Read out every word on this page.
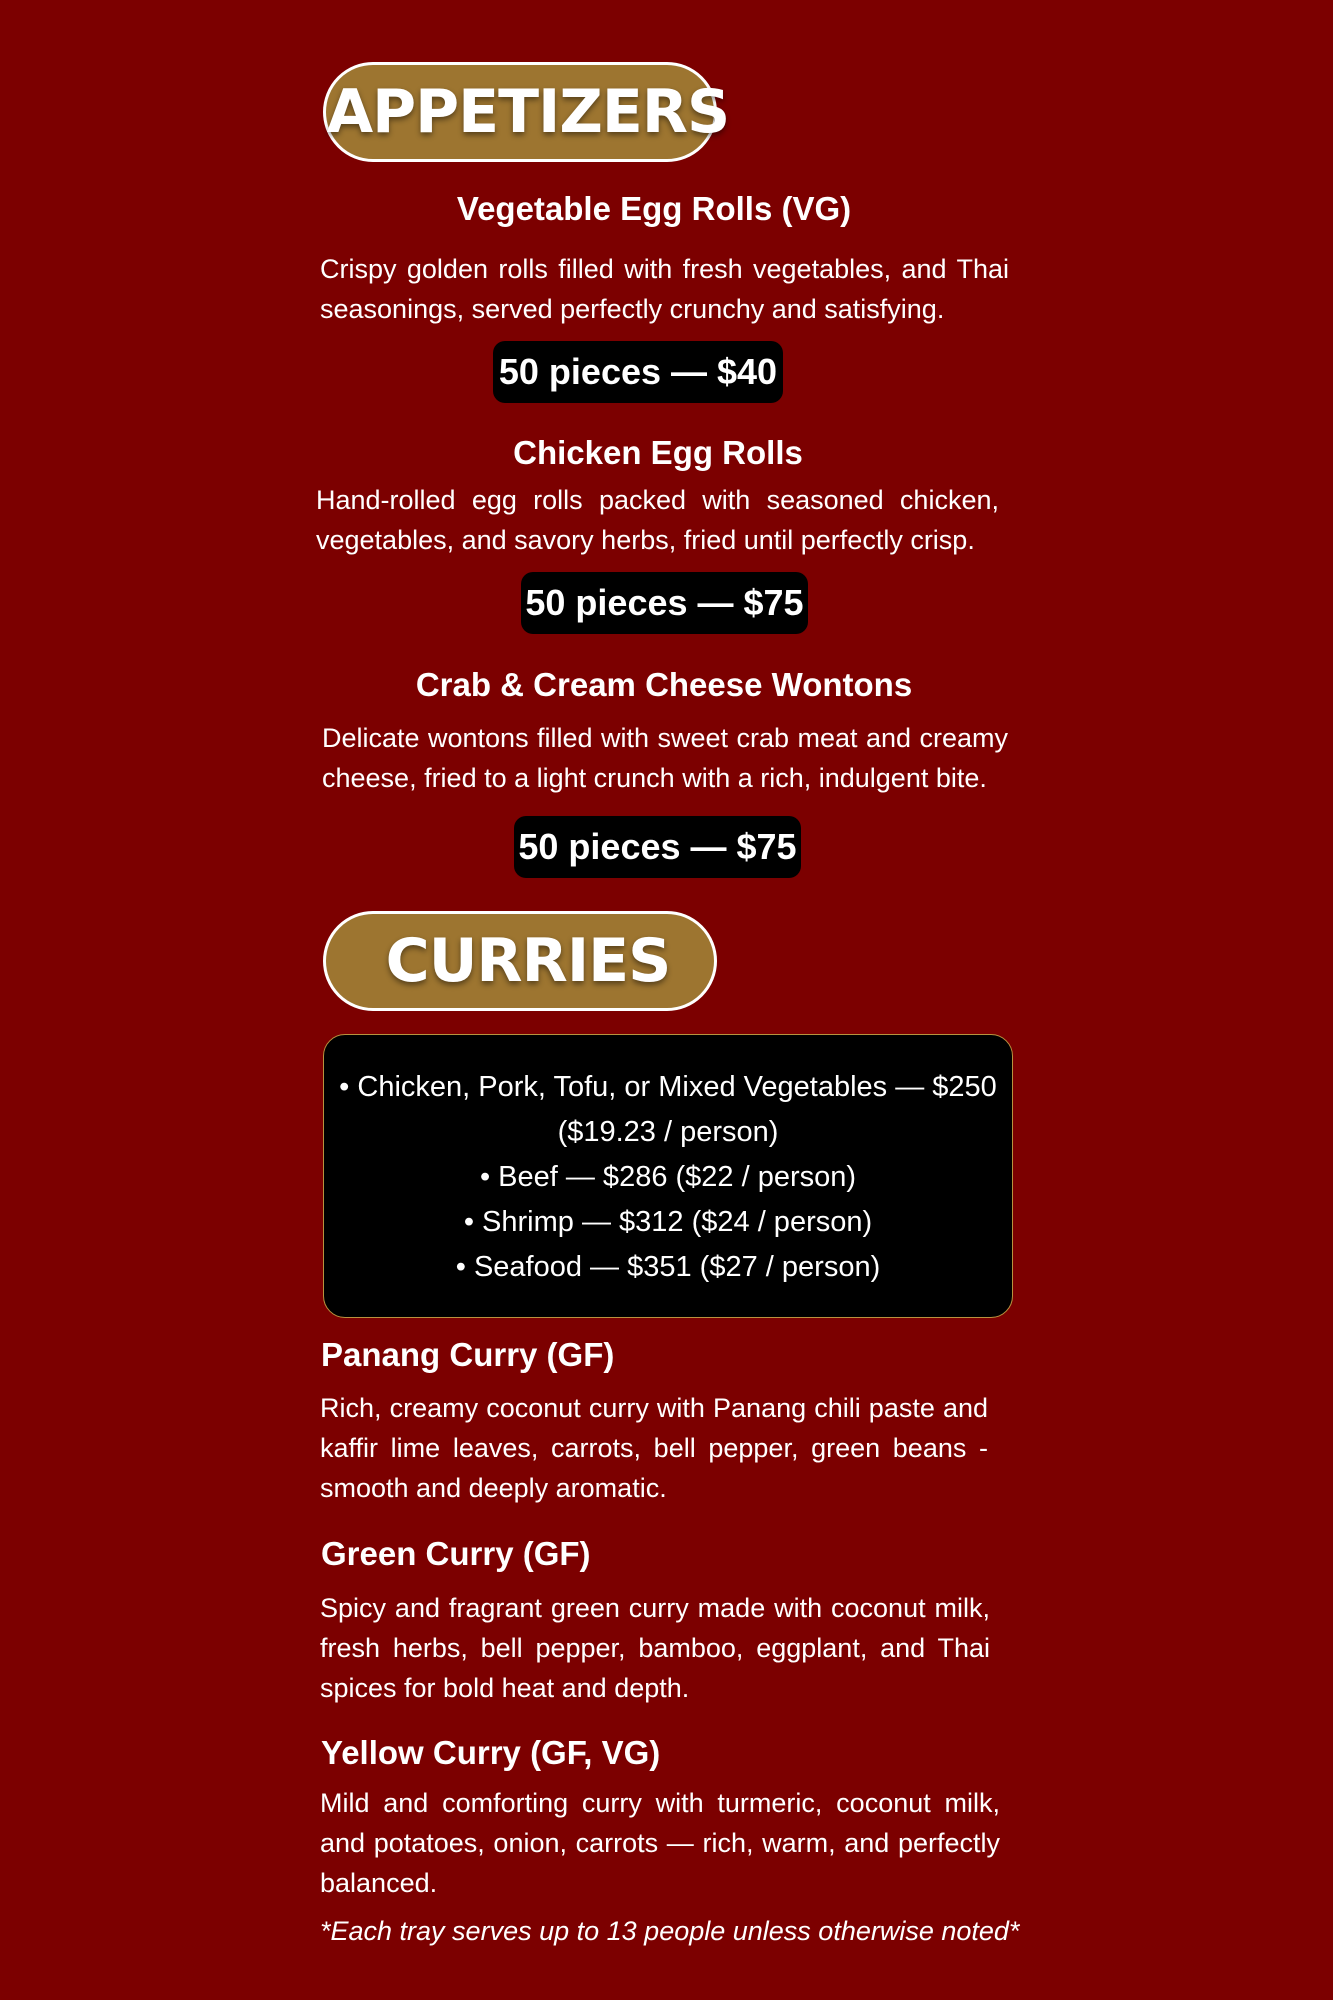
APPETIZERS
Vegetable Egg Rolls (VG)

Crispy golden rolls filled with fresh vegetables, and Thai seasonings, served perfectly crunchy and satisfying.

50 pieces — $40
Chicken Egg Rolls

Hand-rolled egg rolls packed with seasoned chicken, vegetables, and savory herbs, fried until perfectly crisp.

50 pieces — $75
Crab & Cream Cheese Wontons

Delicate wontons filled with sweet crab meat and creamy cheese, fried to a light crunch with a rich, indulgent bite.

50 pieces — $75
CURRIES
• Chicken, Pork, Tofu, or Mixed Vegetables — $250 ($19.23 / person)
• Beef — $286 ($22 / person)
• Shrimp — $312 ($24 / person)
• Seafood — $351 ($27 / person)
Panang Curry (GF)

Rich, creamy coconut curry with Panang chili paste and kaffir lime leaves, carrots, bell pepper, green beans - smooth and deeply aromatic.

Green Curry (GF)

Spicy and fragrant green curry made with coconut milk, fresh herbs, bell pepper, bamboo, eggplant, and Thai spices for bold heat and depth.

Yellow Curry (GF, VG)

Mild and comforting curry with turmeric, coconut milk, and potatoes, onion, carrots — rich, warm, and perfectly balanced.

*Each tray serves up to 13 people unless otherwise noted*
